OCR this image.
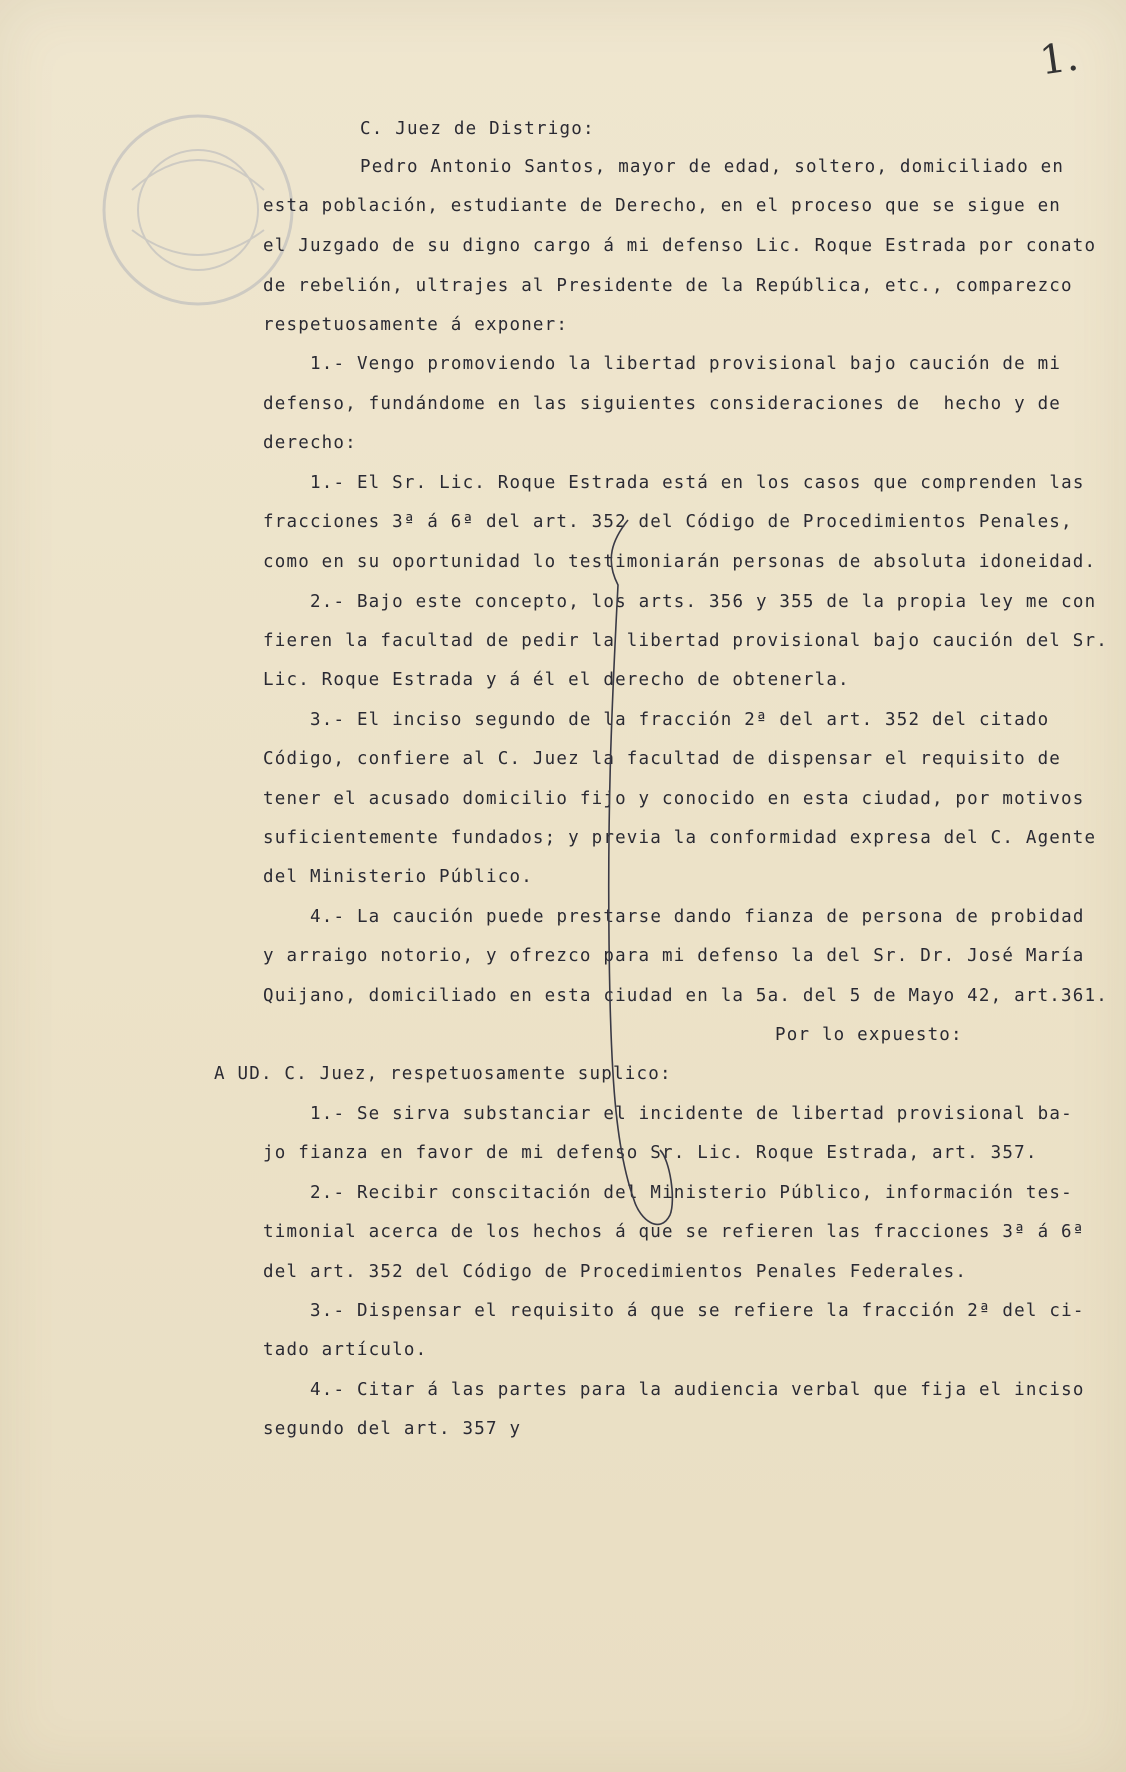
1.
C. Juez de Distrigo:
Pedro Antonio Santos, mayor de edad, soltero, domiciliado en
esta población, estudiante de Derecho, en el proceso que se sigue en
el Juzgado de su digno cargo á mi defenso Lic. Roque Estrada por conato
de rebelión, ultrajes al Presidente de la República, etc., comparezco
respetuosamente á exponer:
1.- Vengo promoviendo la libertad provisional bajo caución de mi
defenso, fundándome en las siguientes consideraciones de  hecho y de
derecho:
1.- El Sr. Lic. Roque Estrada está en los casos que comprenden las
fracciones 3ª á 6ª del art. 352 del Código de Procedimientos Penales,
como en su oportunidad lo testimoniarán personas de absoluta idoneidad.
2.- Bajo este concepto, los arts. 356 y 355 de la propia ley me con
fieren la facultad de pedir la libertad provisional bajo caución del Sr.
Lic. Roque Estrada y á él el derecho de obtenerla.
3.- El inciso segundo de la fracción 2ª del art. 352 del citado
Código, confiere al C. Juez la facultad de dispensar el requisito de
tener el acusado domicilio fijo y conocido en esta ciudad, por motivos
suficientemente fundados; y previa la conformidad expresa del C. Agente
del Ministerio Público.
4.- La caución puede prestarse dando fianza de persona de probidad
y arraigo notorio, y ofrezco para mi defenso la del Sr. Dr. José María
Quijano, domiciliado en esta ciudad en la 5a. del 5 de Mayo 42, art.361.
Por lo expuesto:
A UD. C. Juez, respetuosamente suplico:
1.- Se sirva substanciar el incidente de libertad provisional ba-
jo fianza en favor de mi defenso Sr. Lic. Roque Estrada, art. 357.
2.- Recibir conscitación del Ministerio Público, información tes-
timonial acerca de los hechos á que se refieren las fracciones 3ª á 6ª
del art. 352 del Código de Procedimientos Penales Federales.
3.- Dispensar el requisito á que se refiere la fracción 2ª del ci-
tado artículo.
4.- Citar á las partes para la audiencia verbal que fija el inciso
segundo del art. 357 y
